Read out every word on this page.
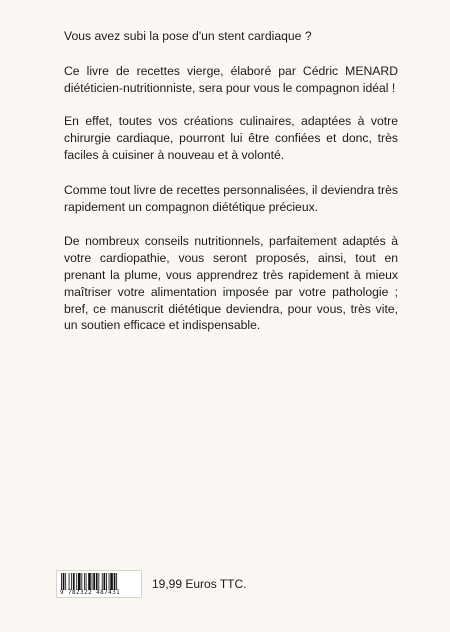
Vous avez subi la pose d'un stent cardiaque ?

Ce livre de recettes vierge, élaboré par Cédric MENARD diététicien-nutritionniste, sera pour vous le compagnon idéal !

En effet, toutes vos créations culinaires, adaptées à votre chirurgie cardiaque, pourront lui être confiées et donc, très faciles à cuisiner à nouveau et à volonté.

Comme tout livre de recettes personnalisées, il deviendra très rapidement un compagnon diététique précieux.

De nombreux conseils nutritionnels, parfaitement adaptés à votre cardiopathie, vous seront proposés, ainsi, tout en prenant la plume, vous apprendrez très rapidement à mieux maîtriser votre alimentation imposée par votre pathologie ; bref, ce manuscrit diététique deviendra, pour vous, très vite, un soutien efficace et indispensable.

9 782322 487431
19,99 Euros TTC.
